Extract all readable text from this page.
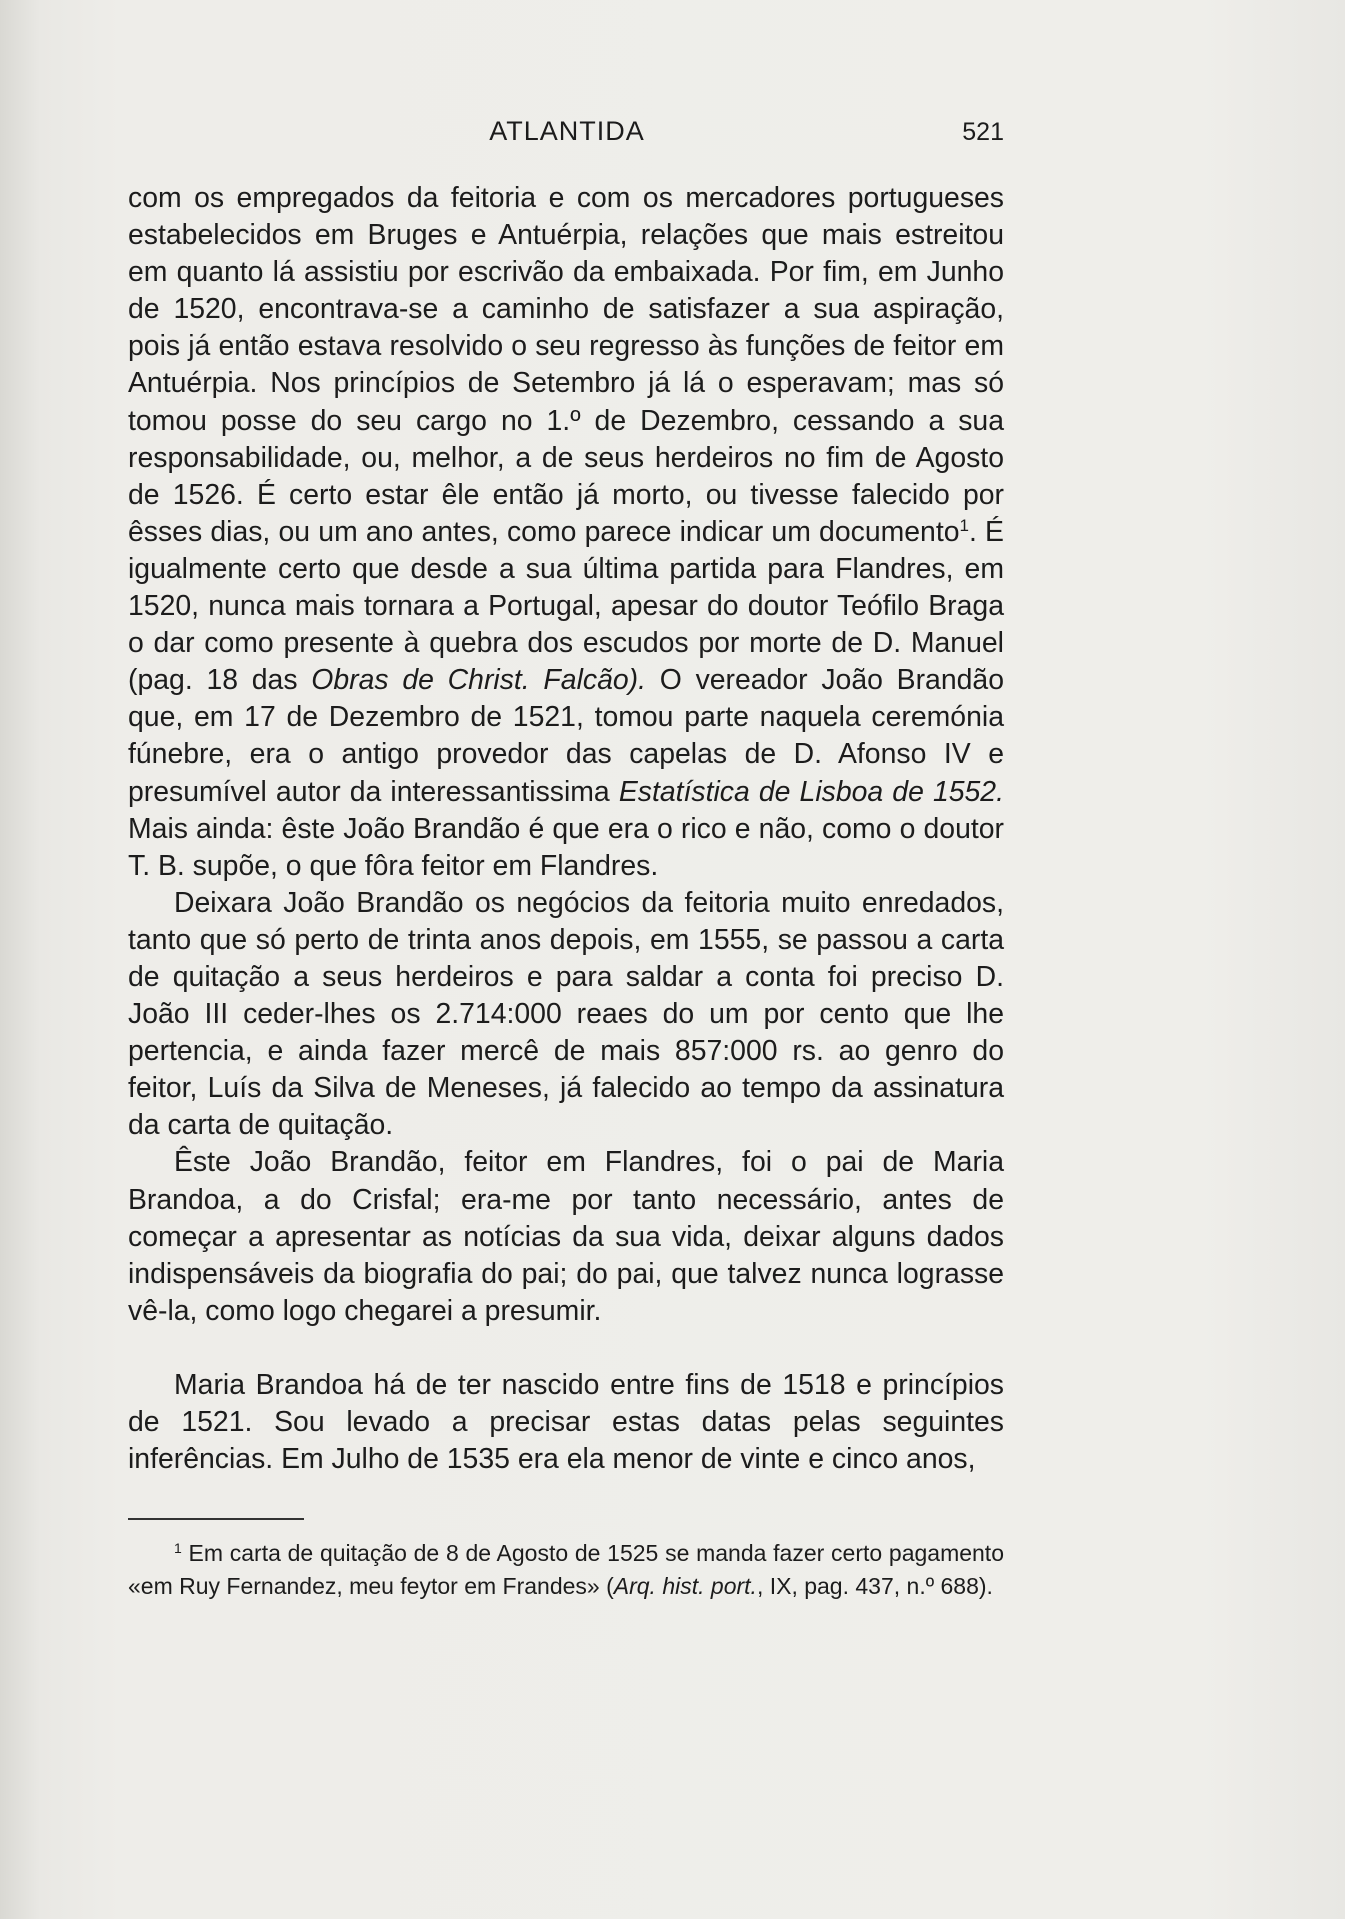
ATLANTIDA	521

com os empregados da feitoria e com os mercadores portugueses estabelecidos em Bruges e Antuérpia, relações que mais estreitou em quanto lá assistiu por escrivão da embaixada. Por fim, em Junho de 1520, encontrava-se a caminho de satisfazer a sua aspiração, pois já então estava resolvido o seu regresso às funções de feitor em Antuérpia. Nos princípios de Setembro já lá o esperavam; mas só tomou posse do seu cargo no 1.º de Dezembro, cessando a sua responsabilidade, ou, melhor, a de seus herdeiros no fim de Agosto de 1526. É certo estar êle então já morto, ou tivesse falecido por êsses dias, ou um ano antes, como parece indicar um documento$^1$. É igualmente certo que desde a sua última partida para Flandres, em 1520, nunca mais tornara a Portugal, apesar do doutor Teófilo Braga o dar como presente à quebra dos escudos por morte de D. Manuel (pag. 18 das Obras de Christ. Falcão). O vereador João Brandão que, em 17 de Dezembro de 1521, tomou parte naquela ceremónia fúnebre, era o antigo provedor das capelas de D. Afonso IV e presumível autor da interessantissima Estatística de Lisboa de 1552. Mais ainda: êste João Brandão é que era o rico e não, como o doutor T. B. supõe, o que fôra feitor em Flandres.

Deixara João Brandão os negócios da feitoria muito enredados, tanto que só perto de trinta anos depois, em 1555, se passou a carta de quitação a seus herdeiros e para saldar a conta foi preciso D. João III ceder-lhes os 2.714:000 reaes do um por cento que lhe pertencia, e ainda fazer mercê de mais 857:000 rs. ao genro do feitor, Luís da Silva de Meneses, já falecido ao tempo da assinatura da carta de quitação.

Êste João Brandão, feitor em Flandres, foi o pai de Maria Brandoa, a do Crisfal; era-me por tanto necessário, antes de começar a apresentar as notícias da sua vida, deixar alguns dados indispensáveis da biografia do pai; do pai, que talvez nunca lograsse vê-la, como logo chegarei a presumir.

Maria Brandoa há de ter nascido entre fins de 1518 e princípios de 1521. Sou levado a precisar estas datas pelas seguintes inferências. Em Julho de 1535 era ela menor de vinte e cinco anos,

$^1$ Em carta de quitação de 8 de Agosto de 1525 se manda fazer certo pagamento «em Ruy Fernandez, meu feytor em Frandes» (Arq. hist. port., IX, pag. 437, n.º 688).
